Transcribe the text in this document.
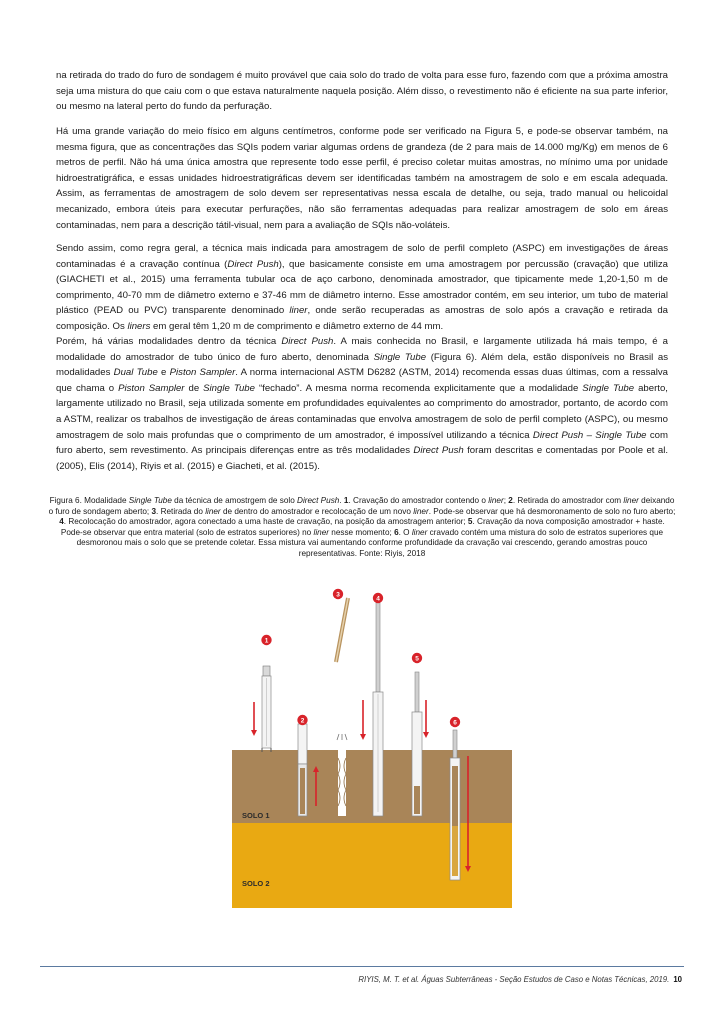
na retirada do trado do furo de sondagem é muito provável que caia solo do trado de volta para esse furo, fazendo com que a próxima amostra seja uma mistura do que caiu com o que estava naturalmente naquela posição. Além disso, o revestimento não é eficiente na sua parte inferior, ou mesmo na lateral perto do fundo da perfuração.

Há uma grande variação do meio físico em alguns centímetros, conforme pode ser verificado na Figura 5, e pode-se observar também, na mesma figura, que as concentrações das SQIs podem variar algumas ordens de grandeza (de 2 para mais de 14.000 mg/Kg) em menos de 6 metros de perfil. Não há uma única amostra que represente todo esse perfil, é preciso coletar muitas amostras, no mínimo uma por unidade hidroestratigráfica, e essas unidades hidroestratigráficas devem ser identificadas também na amostragem de solo e em escala adequada. Assim, as ferramentas de amostragem de solo devem ser representativas nessa escala de detalhe, ou seja, trado manual ou helicoidal mecanizado, embora úteis para executar perfurações, não são ferramentas adequadas para realizar amostragem de solo em áreas contaminadas, nem para a descrição tátil-visual, nem para a avaliação de SQIs não-voláteis.

Sendo assim, como regra geral, a técnica mais indicada para amostragem de solo de perfil completo (ASPC) em investigações de áreas contaminadas é a cravação contínua (Direct Push), que basicamente consiste em uma amostragem por percussão (cravação) que utiliza (GIACHETI et al., 2015) uma ferramenta tubular oca de aço carbono, denominada amostrador, que tipicamente mede 1,20-1,50 m de comprimento, 40-70 mm de diâmetro externo e 37-46 mm de diâmetro interno. Esse amostrador contém, em seu interior, um tubo de material plástico (PEAD ou PVC) transparente denominado liner, onde serão recuperadas as amostras de solo após a cravação e retirada da composição. Os liners em geral têm 1,20 m de comprimento e diâmetro externo de 44 mm.

Porém, há várias modalidades dentro da técnica Direct Push. A mais conhecida no Brasil, e largamente utilizada há mais tempo, é a modalidade do amostrador de tubo único de furo aberto, denominada Single Tube (Figura 6). Além dela, estão disponíveis no Brasil as modalidades Dual Tube e Piston Sampler. A norma internacional ASTM D6282 (ASTM, 2014) recomenda essas duas últimas, com a ressalva que chama o Piston Sampler de Single Tube “fechado”. A mesma norma recomenda explicitamente que a modalidade Single Tube aberto, largamente utilizado no Brasil, seja utilizada somente em profundidades equivalentes ao comprimento do amostrador, portanto, de acordo com a ASTM, realizar os trabalhos de investigação de áreas contaminadas que envolva amostragem de solo de perfil completo (ASPC), ou mesmo amostragem de solo mais profundas que o comprimento de um amostrador, é impossível utilizando a técnica Direct Push – Single Tube com furo aberto, sem revestimento. As principais diferenças entre as três modalidades Direct Push foram descritas e comentadas por Poole et al. (2005), Elis (2014), Riyis et al. (2015) e Giacheti, et al. (2015).

Figura 6. Modalidade Single Tube da técnica de amostrgem de solo Direct Push. 1. Cravação do amostrador contendo o liner; 2. Retirada do amostrador com liner deixando o furo de sondagem aberto; 3. Retirada do liner de dentro do amostrador e recolocação de um novo liner. Pode-se observar que há desmoronamento de solo no furo aberto; 4. Recolocação do amostrador, agora conectado a uma haste de cravação, na posição da amostragem anterior; 5. Cravação da nova composição amostrador + haste. Pode-se observar que entra material (solo de estratos superiores) no liner nesse momento; 6. O liner cravado contém uma mistura do solo de estratos superiores que desmoronou mais o solo que se pretende coletar. Essa mistura vai aumentando conforme profundidade da cravação vai crescendo, gerando amostras pouco representativas. Fonte: Riyis, 2018

SOLO 1
SOLO 2
1
2
3
4
5
6
RIYIS, M. T. et al. Águas Subterrâneas - Seção Estudos de Caso e Notas Técnicas, 2019. 10
